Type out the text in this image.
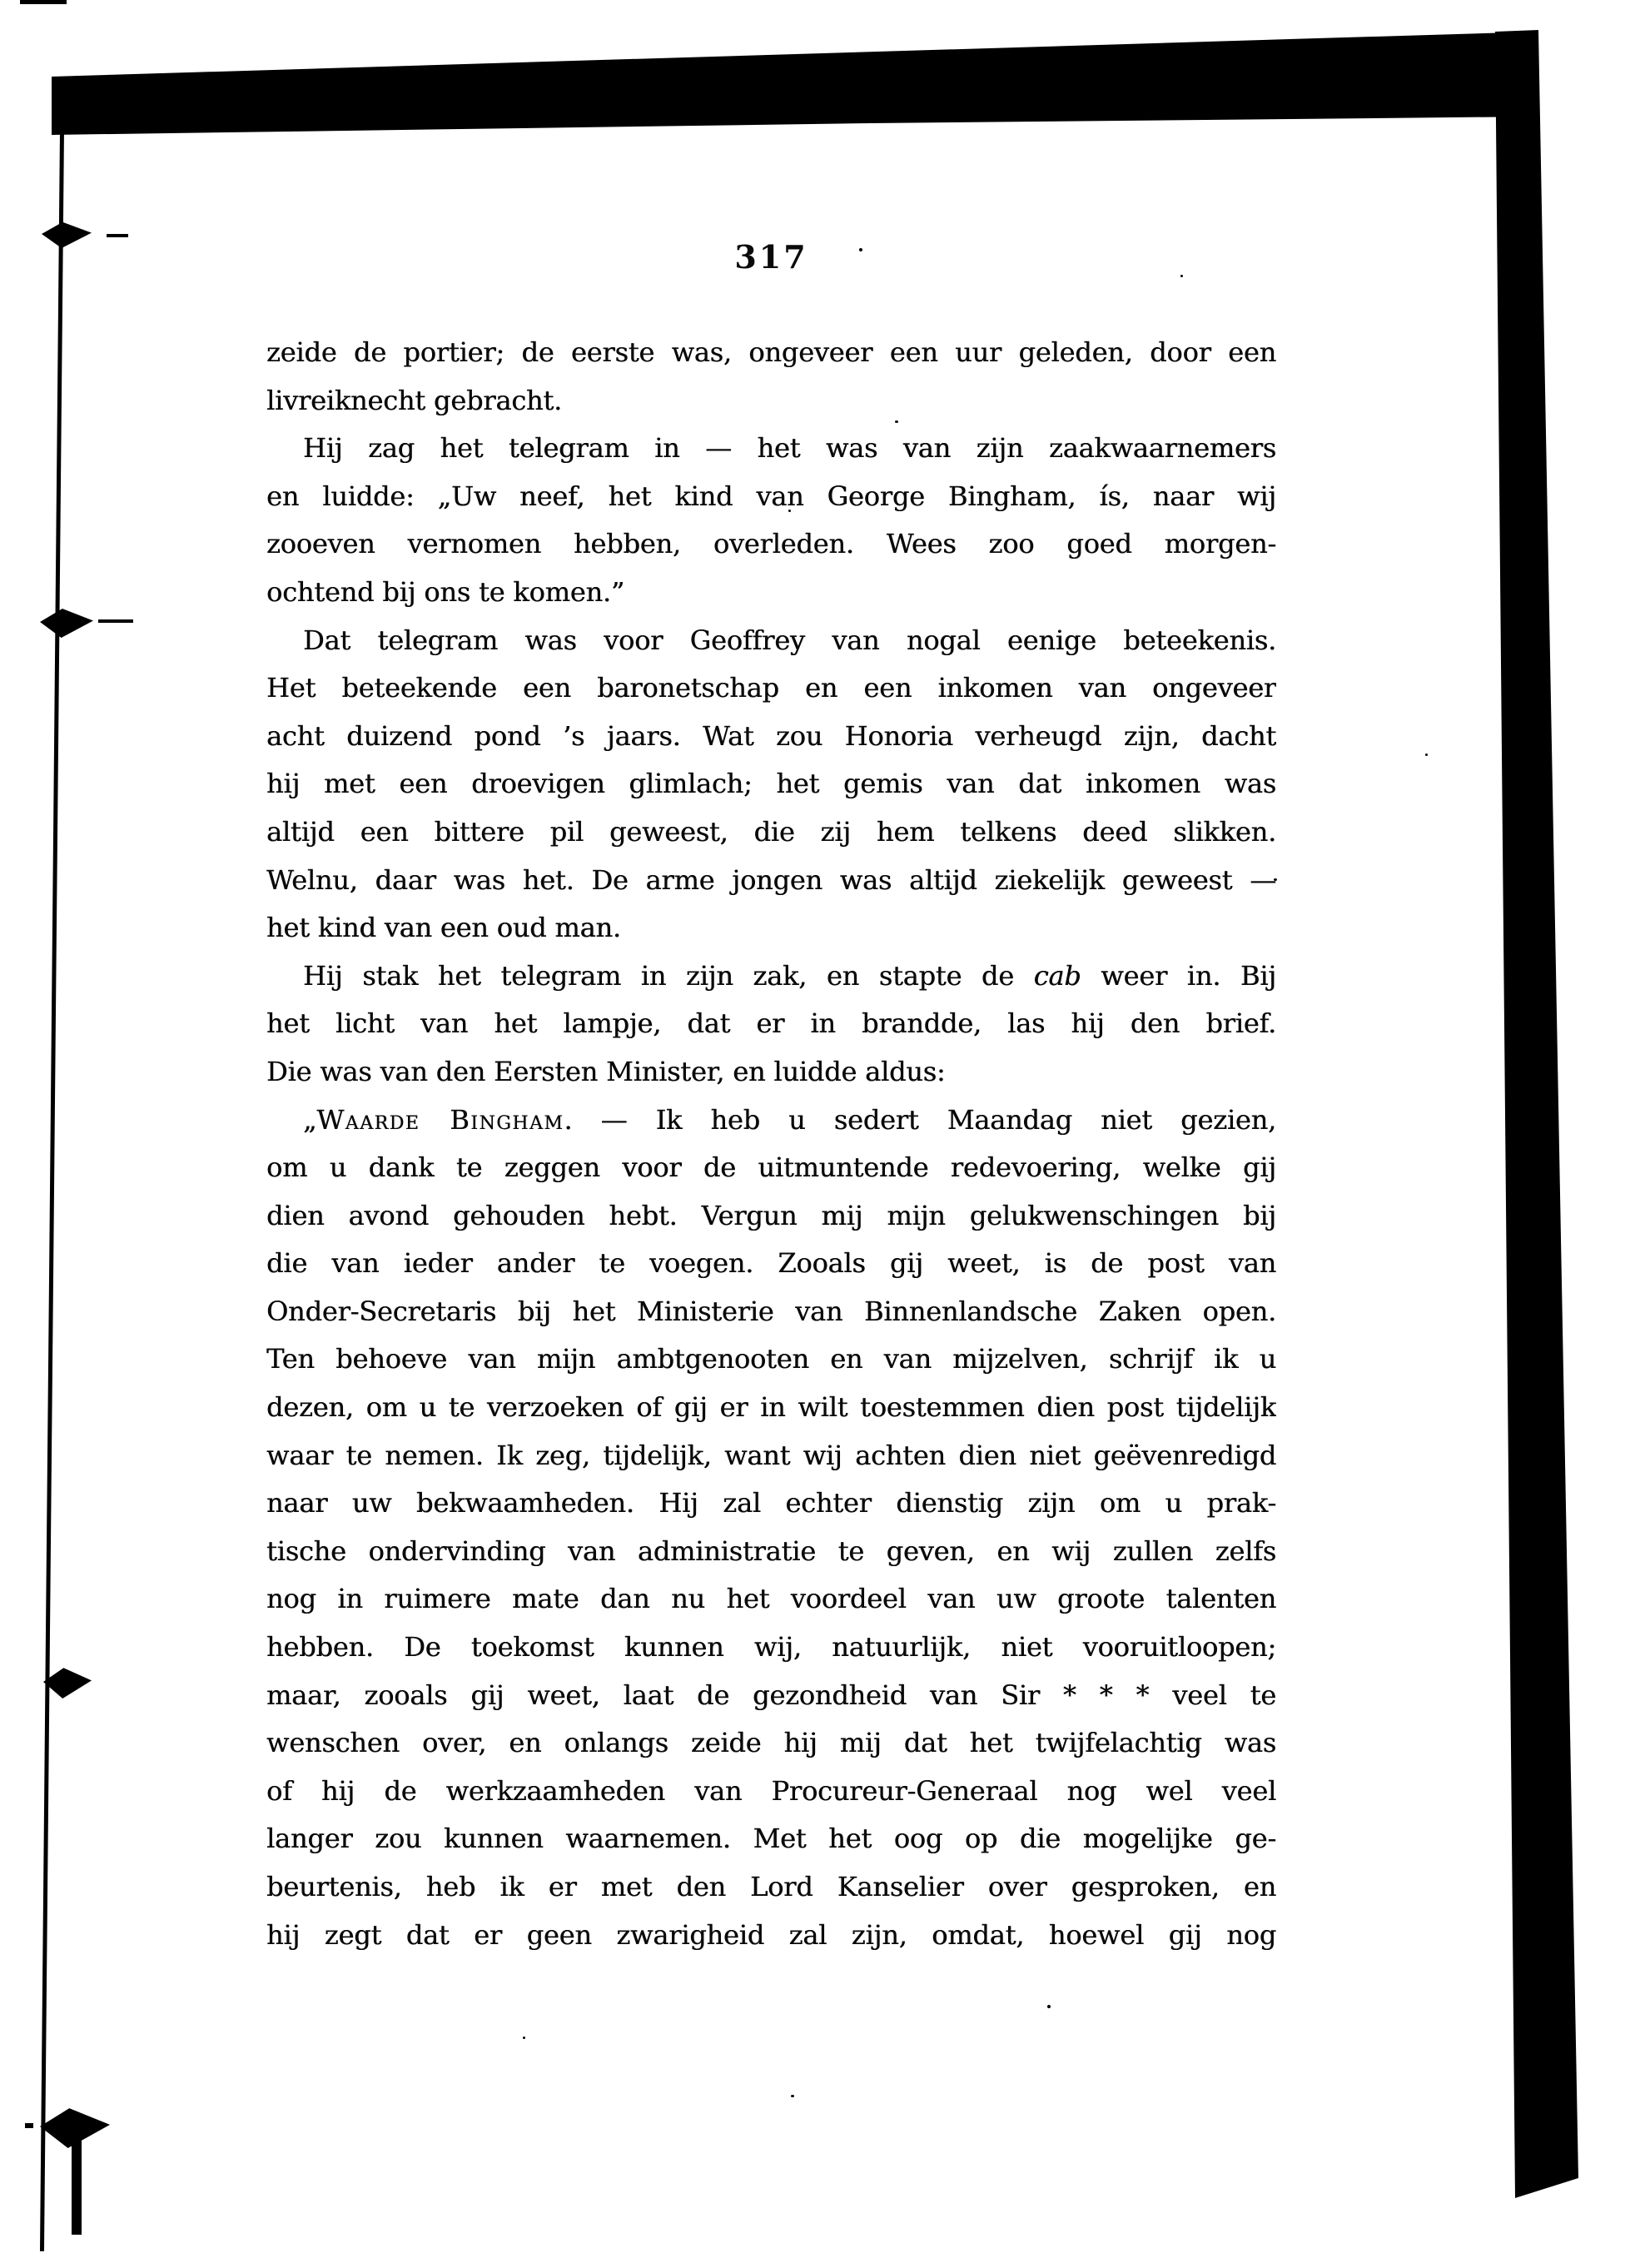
317
zeide de portier; de eerste was, ongeveer een uur geleden, door een
livreiknecht gebracht.
Hij zag het telegram in — het was van zijn zaakwaarnemers
en luidde: „Uw neef, het kind van George Bingham, ís, naar wij
zooeven vernomen hebben, overleden. Wees zoo goed morgen-
ochtend bij ons te komen.”
Dat telegram was voor Geoffrey van nogal eenige beteekenis.
Het beteekende een baronetschap en een inkomen van ongeveer
acht duizend pond ’s jaars. Wat zou Honoria verheugd zijn, dacht
hij met een droevigen glimlach; het gemis van dat inkomen was
altijd een bittere pil geweest, die zij hem telkens deed slikken.
Welnu, daar was het. De arme jongen was altijd ziekelijk geweest —
het kind van een oud man.
Hij stak het telegram in zijn zak, en stapte de cab weer in. Bij
het licht van het lampje, dat er in brandde, las hij den brief.
Die was van den Eersten Minister, en luidde aldus:
„Waarde Bingham. — Ik heb u sedert Maandag niet gezien,
om u dank te zeggen voor de uitmuntende redevoering, welke gij
dien avond gehouden hebt. Vergun mij mijn gelukwenschingen bij
die van ieder ander te voegen. Zooals gij weet, is de post van
Onder-Secretaris bij het Ministerie van Binnenlandsche Zaken open.
Ten behoeve van mijn ambtgenooten en van mijzelven, schrijf ik u
dezen, om u te verzoeken of gij er in wilt toestemmen dien post tijdelijk
waar te nemen. Ik zeg, tijdelijk, want wij achten dien niet geëvenredigd
naar uw bekwaamheden. Hij zal echter dienstig zijn om u prak-
tische ondervinding van administratie te geven, en wij zullen zelfs
nog in ruimere mate dan nu het voordeel van uw groote talenten
hebben. De toekomst kunnen wij, natuurlijk, niet vooruitloopen;
maar, zooals gij weet, laat de gezondheid van Sir * * * veel te
wenschen over, en onlangs zeide hij mij dat het twijfelachtig was
of hij de werkzaamheden van Procureur-Generaal nog wel veel
langer zou kunnen waarnemen. Met het oog op die mogelijke ge-
beurtenis, heb ik er met den Lord Kanselier over gesproken, en
hij zegt dat er geen zwarigheid zal zijn, omdat, hoewel gij nog
